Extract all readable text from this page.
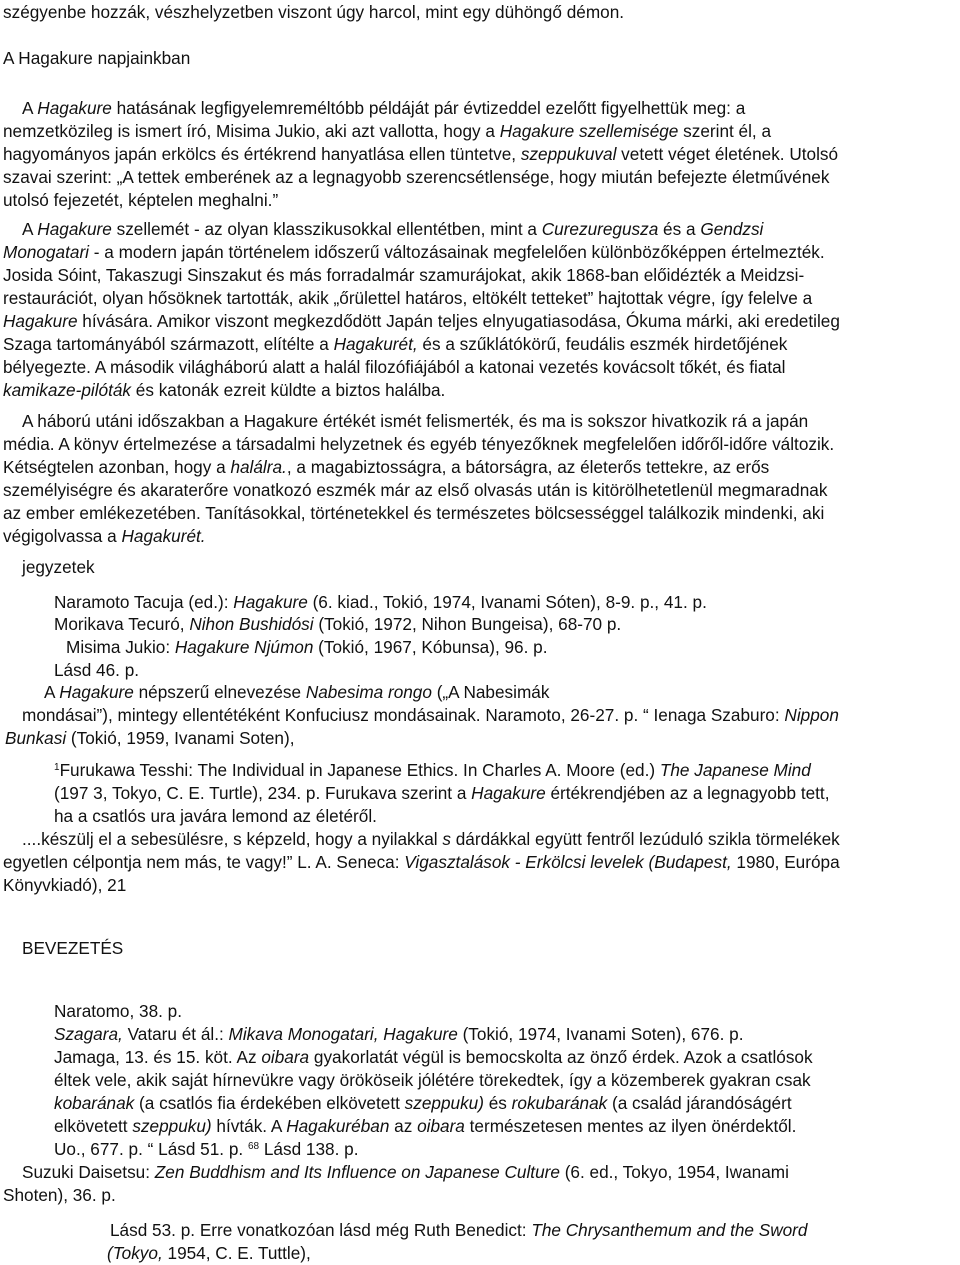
szégyenbe hozzák, vészhelyzetben viszont úgy harcol, mint egy dühöngő démon.
A Hagakure napjainkban
A Hagakure hatásának legfigyelemreméltóbb példáját pár évtizeddel ezelőtt figyelhettük meg: a
nemzetközileg is ismert író, Misima Jukio, aki azt vallotta, hogy a Hagakure szellemisége szerint él, a
hagyományos japán erkölcs és értékrend hanyatlása ellen tüntetve, szeppukuval vetett véget életének. Utolsó
szavai szerint: „A tettek emberének az a legnagyobb szerencsétlensége, hogy miután befejezte életművének
utolsó fejezetét, képtelen meghalni.”
A Hagakure szellemét - az olyan klasszikusokkal ellentétben, mint a Curezuregusza és a Gendzsi
Monogatari - a modern japán történelem időszerű változásainak megfelelően különbözőképpen értelmezték.
Josida Sóint, Takaszugi Sinszakut és más forradalmár szamurájokat, akik 1868-ban előidézték a Meidzsi-
restaurációt, olyan hősöknek tartották, akik „őrülettel határos, eltökélt tetteket” hajtottak végre, így felelve a
Hagakure hívására. Amikor viszont megkezdődött Japán teljes elnyugatiasodása, Ókuma márki, aki eredetileg
Szaga tartományából származott, elítélte a Hagakurét, és a szűklátókörű, feudális eszmék hirdetőjének
bélyegezte. A második világháború alatt a halál filozófiájából a katonai vezetés kovácsolt tőkét, és fiatal
kamikaze-pilóták és katonák ezreit küldte a biztos halálba.
A háború utáni időszakban a Hagakure értékét ismét felismerték, és ma is sokszor hivatkozik rá a japán
média. A könyv értelmezése a társadalmi helyzetnek és egyéb tényezőknek megfelelően időről-időre változik.
Kétségtelen azonban, hogy a halálra., a magabiztosságra, a bátorságra, az életerős tettekre, az erős
személyiségre és akaraterőre vonatkozó eszmék már az első olvasás után is kitörölhetetlenül megmaradnak
az ember emlékezetében. Tanításokkal, történetekkel és természetes bölcsességgel találkozik mindenki, aki
végigolvassa a Hagakurét.
jegyzetek
Naramoto Tacuja (ed.): Hagakure (6. kiad., Tokió, 1974, Ivanami Sóten), 8-9. p., 41. p.
Morikava Tecuró, Nihon Bushidósi (Tokió, 1972, Nihon Bungeisa), 68-70 p.
Misima Jukio: Hagakure Njúmon (Tokió, 1967, Kóbunsa), 96. p.
Lásd 46. p.
A Hagakure népszerű elnevezése Nabesima rongo („A Nabesimák
mondásai”), mintegy ellentétéként Konfuciusz mondásainak. Naramoto, 26-27. p. “ Ienaga Szaburo: Nippon
Bunkasi (Tokió, 1959, Ivanami Soten),
$^1$Furukawa Tesshi: The Individual in Japanese Ethics. In Charles A. Moore (ed.) The Japanese Mind
(197 3, Tokyo, C. E. Turtle), 234. p. Furukava szerint a Hagakure értékrendjében az a legnagyobb tett,
ha a csatlós ura javára lemond az életéről.
....készülj el a sebesülésre, s képzeld, hogy a nyilakkal s dárdákkal együtt fentről lezúduló szikla törmelékek
egyetlen célpontja nem más, te vagy!” L. A. Seneca: Vigasztalások - Erkölcsi levelek (Budapest, 1980, Európa
Könyvkiadó), 21
BEVEZETÉS
Naratomo, 38. p.
Szagara, Vataru ét ál.: Mikava Monogatari, Hagakure (Tokió, 1974, Ivanami Soten), 676. p.
Jamaga, 13. és 15. köt. Az oibara gyakorlatát végül is bemocskolta az önző érdek. Azok a csatlósok
éltek vele, akik saját hírnevükre vagy örököseik jólétére törekedtek, így a közemberek gyakran csak
kobarának (a csatlós fia érdekében elkövetett szeppuku) és rokubarának (a család járandóságért
elkövetett szeppuku) hívták. A Hagakuréban az oibara természetesen mentes az ilyen önérdektől.
Uo., 677. p. “ Lásd 51. p. $^{68}$ Lásd 138. p.
Suzuki Daisetsu: Zen Buddhism and Its Influence on Japanese Culture (6. ed., Tokyo, 1954, Iwanami
Shoten), 36. p.
Lásd 53. p. Erre vonatkozóan lásd még Ruth Benedict: The Chrysanthemum and the Sword
(Tokyo, 1954, C. E. Tuttle),
